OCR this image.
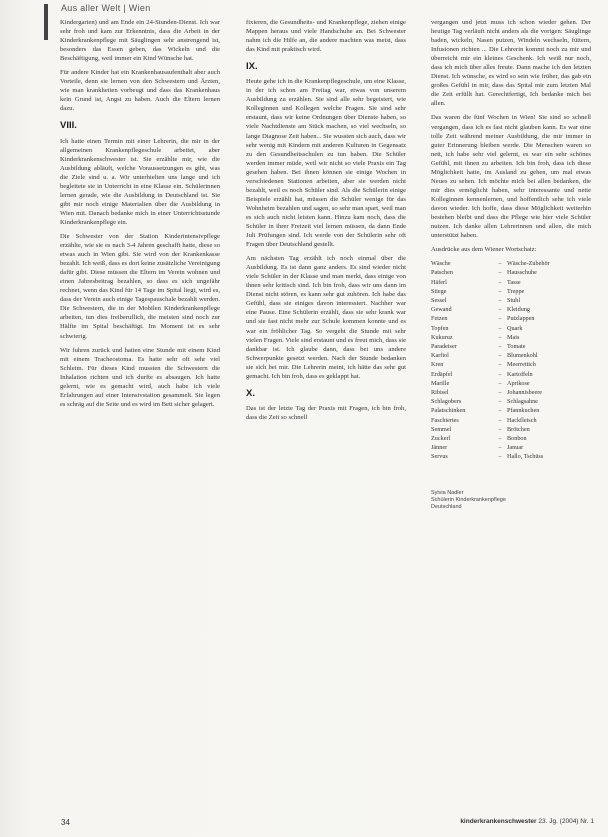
Aus aller Welt | Wien

Kindergarten) und am Ende ein 24-Stunden-Dienst. Ich war sehr froh und kam zur Erkenntnis, dass die Arbeit in der Kinderkrankenpflege mit Säuglingen sehr anstrengend ist, besonders das Essen geben, das Wickeln und die Beschäftigung, weil immer ein Kind Wünsche hat.

Für andere Kinder hat ein Krankenhausaufenthalt aber auch Vorteile, denn sie lernen von den Schwestern und Ärzten, wie man krankheiten vorbeugt und dass das Krankenhaus kein Grund ist, Angst zu haben. Auch die Eltern lernen dazu.

VIII.

Ich hatte einen Termin mit einer Lehrerin, die mir in der allgemeinen Krankenpflegeschule arbeitet, aber Kinderkrankenschwester ist. Sie erzählte mir, wie die Ausbildung abläuft, welche Voraussetzungen es gibt, was die Ziele sind u. a. Wir unterhielten uns lange und ich begleitete sie in Unterricht in eine Klasse ein. Schülerinnen lernen gerade, wie die Ausbildung in Deutschland ist. Sie gibt mir noch einige Materialien über die Ausbildung in Wien mit. Danach bedanke mich in einer Unterrichtsstunde Kinderkrankenpflege ein.

Die Schwester von der Station Kinderintensivpflege erzählte, wie sie es nach 3-4 Jahren geschafft hatte, diese so etwas auch in Wien gibt. Sie wird von der Krankenkasse bezahlt. Ich weiß, dass es dort keine zusätzliche Vereinigung dafür gibt. Diese müssen die Eltern im Verein wohnen und einen Jahresbeitrag bezahlen, so dass es sich ungefähr rechnet, wenn das Kind für 14 Tage im Spital liegt, wird es, dass der Verein auch einige Tagespauschale bezahlt werden. Die Schwestern, die in der Mobilen Kinderkrankenpflege arbeiten, tun dies freiberuflich, die meisten sind noch zur Hälfte im Spital beschäftigt. Im Moment ist es sehr schwierig.

Wir fuhren zurück und hatten eine Stunde mit einem Kind mit einem Tracheostoma. Es hatte sehr oft sehr viel Schleim. Für dieses Kind mussten die Schwestern die Inhalation richten und ich durfte es absaugen. Ich hatte gelernt, wie es gemacht wird, auch habe ich viele Erfahrungen auf einer Intensivstation gesammelt. Sie legen es schräg auf die Seite und es wird im Bett sicher gelagert.

fixieren, die Gesundheits- und Krankenpflege, ziehen einige Mappen heraus und viele Handschuhe an. Bei Schwester nahm ich die Hilfe an, die andere machten was meist, dass das Kind mit praktisch wird.

IX.

Heute gehe ich in die Krankenpflegeschule, um eine Klasse, in der ich schon am Freitag war, etwas von unserem Ausbildung zu erzählen. Sie sind alle sehr begeistert, wie Kolleginnen und Kollegen welche Fragen. Sie sind sehr erstaunt, dass wir keine Ordnungen über Dienste haben, so viele Nachtdienste am Stück machen, so viel wechseln, so lange Diagnose Zeit haben... Sie wussten sich auch, dass wir sehr wenig mit Kindern mit anderen Kulturen in Gegensatz zu den Gesundheitsschulen zu tun haben. Die Schüler werden immer müde, weil wir nicht so viele Praxis ein Tag gesehen haben. Bei ihnen können sie einige Wochen in verschiedenen Stationen arbeiten, aber sie werden nicht bezahlt, weil es noch Schüler sind. Als die Schülerin einige Beispiele erzählt hat, müssen die Schüler wenige für das Wohnheim bezahlen und sagen, so sehr man spart, weil man es sich auch nicht leisten kann. Hinzu kam noch, dass die Schüler in ihrer Freizeit viel lernen müssen, da dann Ende Juli Prüfungen sind. Ich werde von der Schülerin sehr oft Fragen über Deutschland gestellt.

Am nächsten Tag erzählt ich noch einmal über die Ausbildung. Es ist dann ganz anders. Es sind wieder nicht viele Schüler in der Klasse und man merkt, dass einige von ihnen sehr kritisch sind. Ich bin froh, dass wir uns dann im Dienst nicht stören, es kann sehr gut zuhören. Ich habe das Gefühl, dass sie einiges davon interessiert. Nachher war eine Pause. Eine Schülerin erzählt, dass sie sehr krank war und sie fast nicht mehr zur Schule kommen konnte und es war ein fröhlicher Tag. So vergeht die Stunde mit sehr vielen Fragen. Viele sind erstaunt und es freut mich, dass sie dankbar ist. Ich glaube dann, dass bei uns andere Schwerpunkte gesetzt werden. Nach der Stunde bedanken sie sich bei mir. Die Lehrerin meint, ich hätte das sehr gut gemacht. Ich bin froh, dass es geklappt hat.

X.

Das ist der letzte Tag der Praxis mit Fragen, ich bin froh, dass die Zeit so schnell

vergangen und jetzt muss ich schon wieder gehen. Der heutige Tag verläuft nicht anders als die vorigen: Säuglinge baden, wickeln, Nasen putzen, Windeln wechseln, füttern, Infusionen richten ... Die Lehrerin kommt noch zu mir und überreicht mir ein kleines Geschenk. Ich weiß nur noch, dass ich mich über alles freute. Dann mache ich den letzten Dienst. Ich wünsche, es wird so sein wie früher, das gab ein großes Gefühl in mir, dass das Spital mir zum letzten Mal die Zeit erfüllt hat. Gerechtfertigt, Ich bedanke mich bei allen.

Das waren die fünf Wochen in Wien! Sie sind so schnell vergangen, dass ich es fast nicht glauben kann. Es war eine tolle Zeit während meiner Ausbildung, die mir immer in guter Erinnerung bleiben werde. Die Menschen waren so nett, ich habe sehr viel gelernt, es war ein sehr schönes Gefühl, mit ihnen zu arbeiten. Ich bin froh, dass ich diese Möglichkeit hatte, im Ausland zu gehen, um mal etwas Neues zu sehen. Ich möchte mich bei allen bedanken, die mir dies ermöglicht haben, sehr interessante und nette Kolleginnen kennenlernen, und hoffentlich sehe ich viele davon wieder. Ich hoffe, dass diese Möglichkeit weiterhin bestehen bleibt und dass die Pflege wie hier viele Schüler nutzen. Ich danke allen Lehrerinnen und allen, die mich unterstützt haben.

Ausdrücke aus dem Wiener Wortschatz:

Wäsche	–	Wäsche-Zubehör
Patschen	–	Hausschuhe
Häferl	–	Tasse
Stiege	–	Treppe
Sessel	–	Stuhl
Gewand	–	Kleidung
Fetzen	–	Putzlappen
Topfen	–	Quark
Kukuruz	–	Mais
Paradeiser	–	Tomate
Karfiol	–	Blumenkohl
Kren	–	Meerrettich
Erdäpfel	–	Kartoffeln
Marille	–	Aprikose
Ribisel	–	Johannisbeere
Schlagobers	–	Schlagsahne
Palatschinken	–	Pfannkuchen
Faschiertes	–	Hackfleisch
Semmel	–	Brötchen
Zuckerl	–	Bonbon
Jänner	–	Januar
Servus	–	Hallo, Tschüss
Sylvia Nadler
Schülerin Kinderkrankenpflege
Deutschland
34	kinderkrankenschwester 23. Jg. (2004) Nr. 1
